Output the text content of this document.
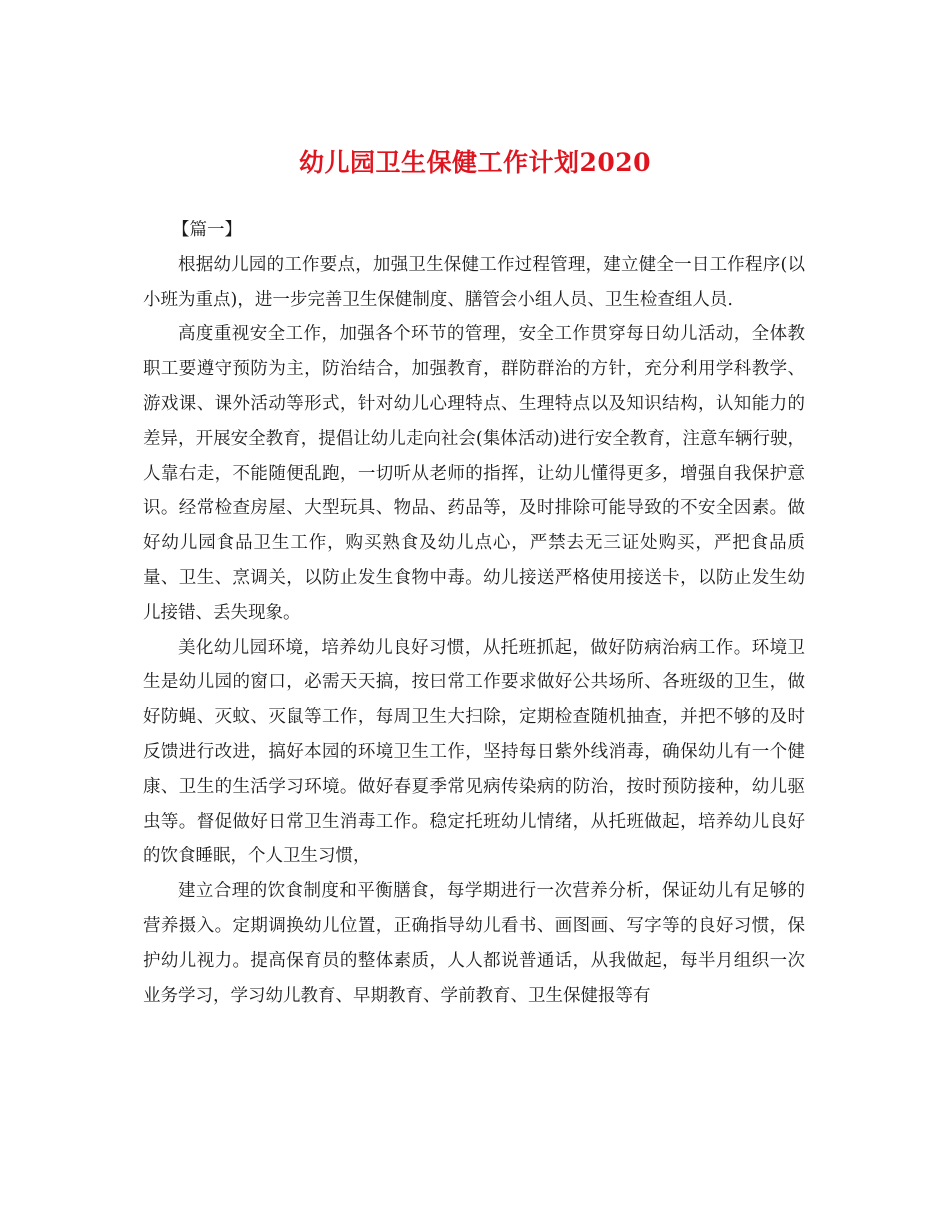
幼儿园卫生保健工作计划2020

【篇一】

根据幼儿园的工作要点，加强卫生保健工作过程管理，建立健全一日工作程序(以小班为重点)，进一步完善卫生保健制度、膳管会小组人员、卫生检查组人员.

高度重视安全工作，加强各个环节的管理，安全工作贯穿每日幼儿活动，全体教职工要遵守预防为主，防治结合，加强教育，群防群治的方针，充分利用学科教学、游戏课、课外活动等形式，针对幼儿心理特点、生理特点以及知识结构，认知能力的差异，开展安全教育，提倡让幼儿走向社会(集体活动)进行安全教育，注意车辆行驶，人靠右走，不能随便乱跑，一切听从老师的指挥，让幼儿懂得更多，增强自我保护意识。经常检查房屋、大型玩具、物品、药品等，及时排除可能导致的不安全因素。做好幼儿园食品卫生工作，购买熟食及幼儿点心，严禁去无三证处购买，严把食品质量、卫生、烹调关，以防止发生食物中毒。幼儿接送严格使用接送卡，以防止发生幼儿接错、丢失现象。

美化幼儿园环境，培养幼儿良好习惯，从托班抓起，做好防病治病工作。环境卫生是幼儿园的窗口，必需天天搞，按曰常工作要求做好公共场所、各班级的卫生，做好防蝇、灭蚊、灭鼠等工作，每周卫生大扫除，定期检查随机抽查，并把不够的及时反馈进行改进，搞好本园的环境卫生工作，坚持每日紫外线消毒，确保幼儿有一个健康、卫生的生活学习环境。做好春夏季常见病传染病的防治，按时预防接种，幼儿驱虫等。督促做好日常卫生消毒工作。稳定托班幼儿情绪，从托班做起，培养幼儿良好的饮食睡眠，个人卫生习惯，

建立合理的饮食制度和平衡膳食，每学期进行一次营养分析，保证幼儿有足够的营养摄入。定期调换幼儿位置，正确指导幼儿看书、画图画、写字等的良好习惯，保护幼儿视力。提高保育员的整体素质，人人都说普通话，从我做起，每半月组织一次业务学习，学习幼儿教育、早期教育、学前教育、卫生保健报等有
